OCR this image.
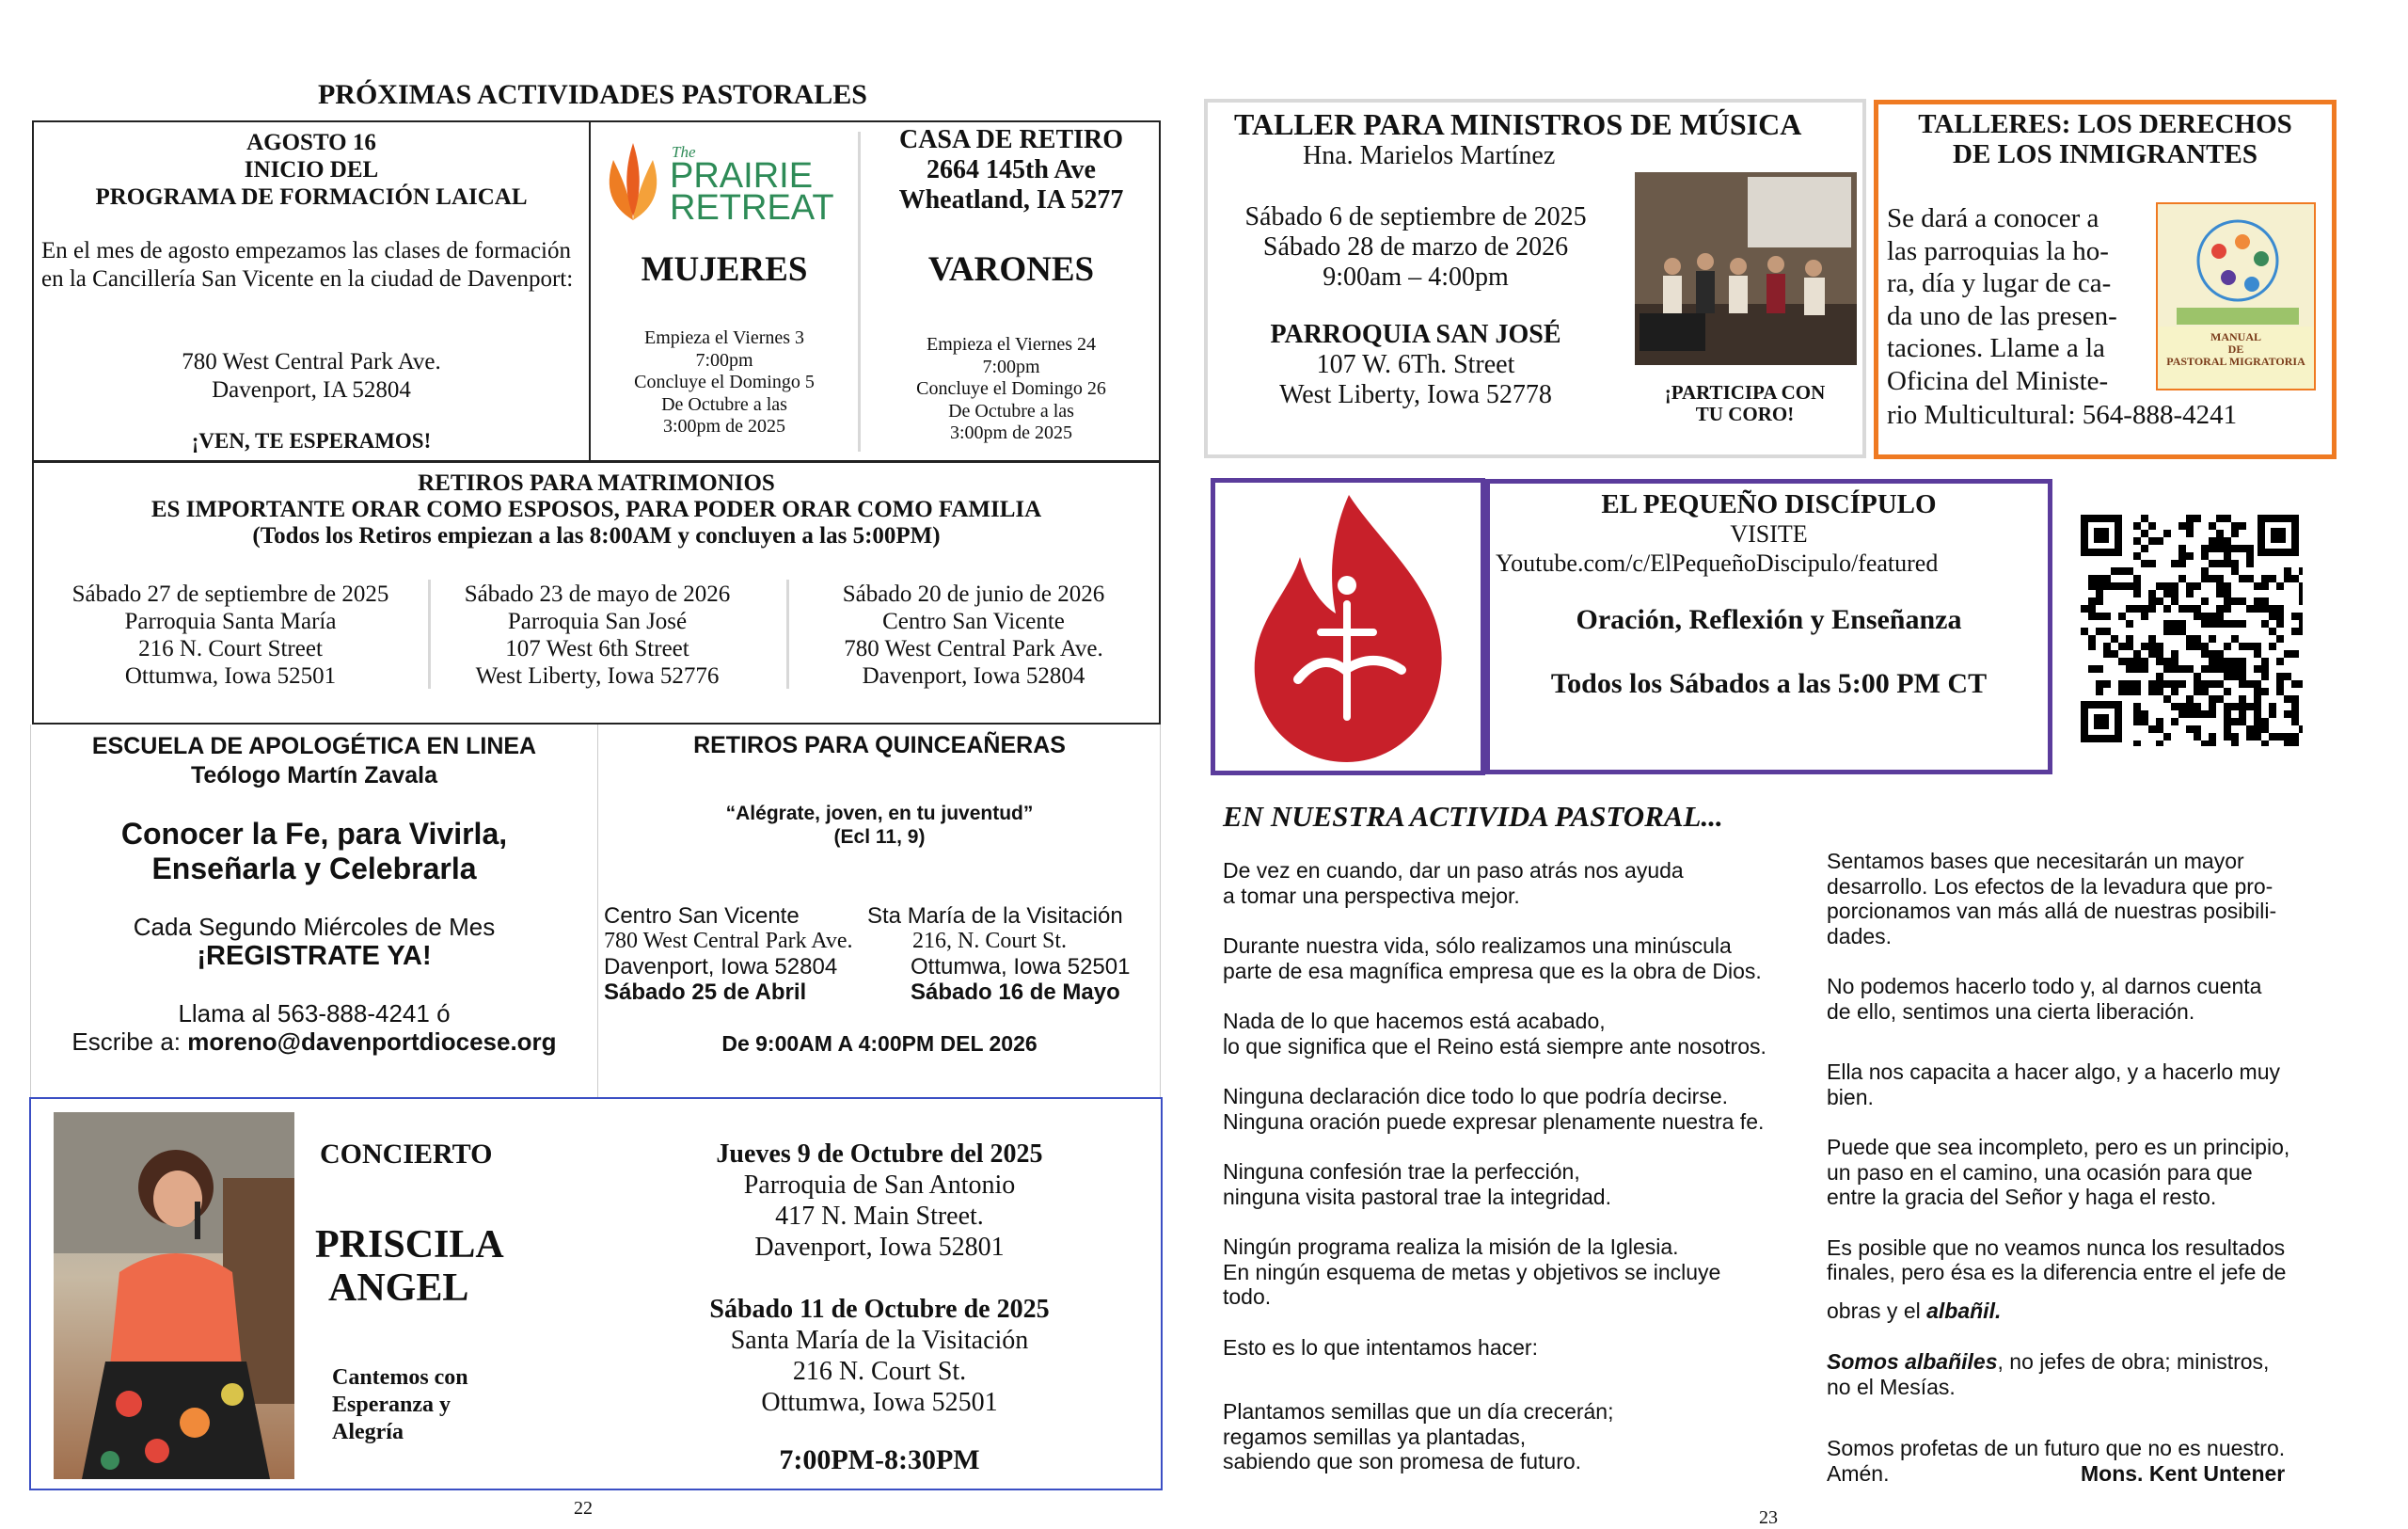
PRÓXIMAS ACTIVIDADES PASTORALES
AGOSTO 16
INICIO DEL
PROGRAMA DE FORMACIÓN LAICAL
En el mes de agosto empezamos las clases de formación en la Cancillería San Vicente en la ciudad de Davenport:
780 West Central Park Ave.
Davenport, IA 52804
¡VEN, TE ESPERAMOS!
The
PRAIRIE
RETREAT
CASA DE RETIRO
2664 145th Ave
Wheatland, IA 5277
MUJERES
Empieza el Viernes 3
7:00pm
Concluye el Domingo 5
De Octubre a las
3:00pm de 2025
VARONES
Empieza el Viernes 24
7:00pm
Concluye el Domingo 26
De Octubre a las
3:00pm de 2025
RETIROS PARA MATRIMONIOS
ES IMPORTANTE ORAR COMO ESPOSOS, PARA PODER ORAR COMO FAMILIA
(Todos los Retiros empiezan a las 8:00AM y concluyen a las 5:00PM)
Sábado 27 de septiembre de 2025
Parroquia Santa María
216 N. Court Street
Ottumwa, Iowa 52501
Sábado 23 de mayo de 2026
Parroquia San José
107 West 6th Street
West Liberty, Iowa 52776
Sábado 20 de junio de 2026
Centro San Vicente
780 West Central Park Ave.
Davenport, Iowa 52804
ESCUELA DE APOLOGÉTICA EN LINEA
Teólogo Martín Zavala
Conocer la Fe, para Vivirla,
Enseñarla y Celebrarla
Cada Segundo Miércoles de Mes
¡REGISTRATE YA!
Llama al 563-888-4241 ó
Escribe a: moreno@davenportdiocese.org
RETIROS PARA QUINCEAÑERAS
“Alégrate, joven, en tu juventud”
(Ecl 11, 9)
Centro San Vicente
780 West Central Park Ave.
Davenport, Iowa 52804
Sábado 25 de Abril
Sta María de la Visitación
216, N. Court St.
Ottumwa, Iowa 52501
Sábado 16 de Mayo
De 9:00AM A 4:00PM DEL 2026
CONCIERTO
PRISCILA
ANGEL
Cantemos con
Esperanza y
Alegría
Jueves 9 de Octubre del 2025
Parroquia de San Antonio
417 N. Main Street.
Davenport, Iowa 52801
Sábado 11 de Octubre de 2025
Santa María de la Visitación
216 N. Court St.
Ottumwa, Iowa 52501
7:00PM-8:30PM
22
TALLER PARA MINISTROS DE MÚSICA
Hna. Marielos Martínez
Sábado 6 de septiembre de 2025
Sábado 28 de marzo de 2026
9:00am – 4:00pm
PARROQUIA SAN JOSÉ
107 W. 6Th. Street
West Liberty, Iowa 52778	¡PARTICIPA CON
TU CORO!
TALLERES: LOS DERECHOS
DE LOS INMIGRANTES
Se dará a conocer a
las parroquias la ho-
ra, día y lugar de ca-
da uno de las presen-
taciones. Llame a la
Oficina del Ministe-
rio Multicultural: 564-888-4241
MANUAL
DE
PASTORAL MIGRATORIA
EL PEQUEÑO DISCÍPULO
VISITE
Youtube.com/c/ElPequeñoDiscipulo/featured
Oración, Reflexión y Enseñanza
Todos los Sábados a las 5:00 PM CT
EN NUESTRA ACTIVIDA PASTORAL...
De vez en cuando, dar un paso atrás nos ayuda
a tomar una perspectiva mejor.
Durante nuestra vida, sólo realizamos una minúscula
parte de esa magnífica empresa que es la obra de Dios.
Nada de lo que hacemos está acabado,
lo que significa que el Reino está siempre ante nosotros.
Ninguna declaración dice todo lo que podría decirse.
Ninguna oración puede expresar plenamente nuestra fe.
Ninguna confesión trae la perfección,
ninguna visita pastoral trae la integridad.
Ningún programa realiza la misión de la Iglesia.
En ningún esquema de metas y objetivos se incluye
todo.
Esto es lo que intentamos hacer:
Plantamos semillas que un día crecerán;
regamos semillas ya plantadas,
sabiendo que son promesa de futuro.
Sentamos bases que necesitarán un mayor
desarrollo. Los efectos de la levadura que pro-
porcionamos van más allá de nuestras posibili-
dades.
No podemos hacerlo todo y, al darnos cuenta
de ello, sentimos una cierta liberación.
Ella nos capacita a hacer algo, y a hacerlo muy
bien.
Puede que sea incompleto, pero es un principio,
un paso en el camino, una ocasión para que
entre la gracia del Señor y haga el resto.
Es posible que no veamos nunca los resultados
finales, pero ésa es la diferencia entre el jefe de
obras y el albañil.
Somos albañiles, no jefes de obra; ministros,
no el Mesías.
Somos profetas de un futuro que no es nuestro.
Amén.	Mons. Kent Untener
23
